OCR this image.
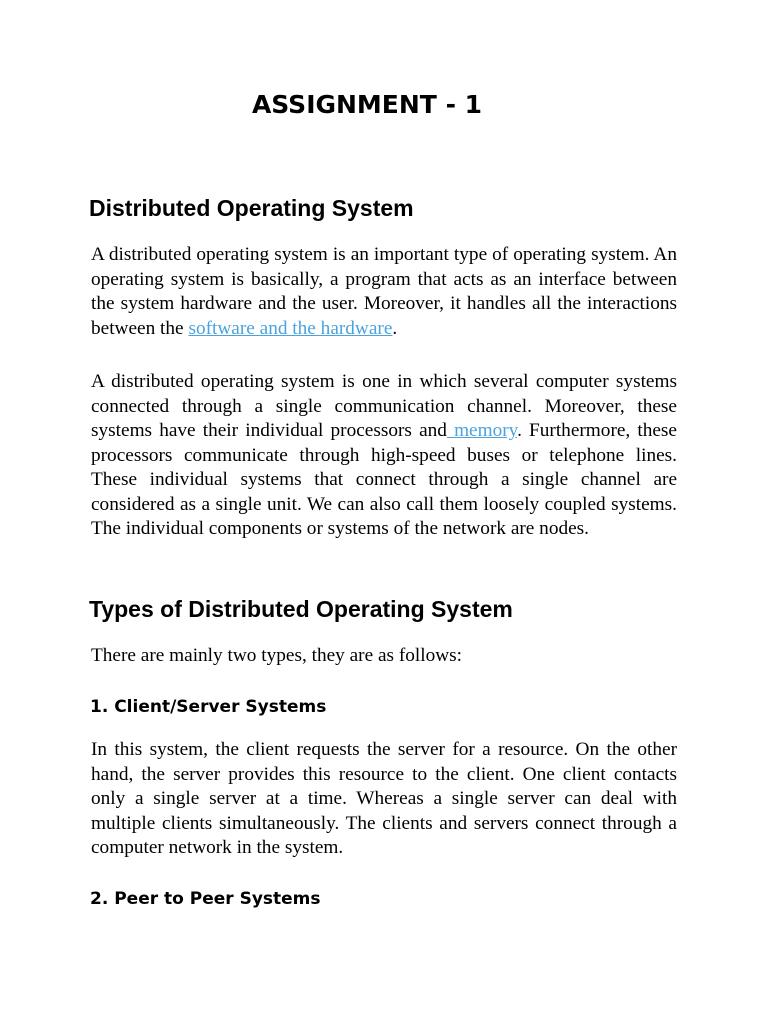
ASSIGNMENT - 1
Distributed Operating System

A distributed operating system is an important type of operating system. An operating system is basically, a program that acts as an interface between the system hardware and the user. Moreover, it handles all the interactions between the software and the hardware.

A distributed operating system is one in which several computer systems connected through a single communication channel. Moreover, these systems have their individual processors and memory. Furthermore, these processors communicate through high-speed buses or telephone lines. These individual systems that connect through a single channel are considered as a single unit. We can also call them loosely coupled systems. The individual components or systems of the network are nodes.

Types of Distributed Operating System

There are mainly two types, they are as follows:

1. Client/Server Systems

In this system, the client requests the server for a resource. On the other hand, the server provides this resource to the client. One client contacts only a single server at a time. Whereas a single server can deal with multiple clients simultaneously. The clients and servers connect through a computer network in the system.

2. Peer to Peer Systems
